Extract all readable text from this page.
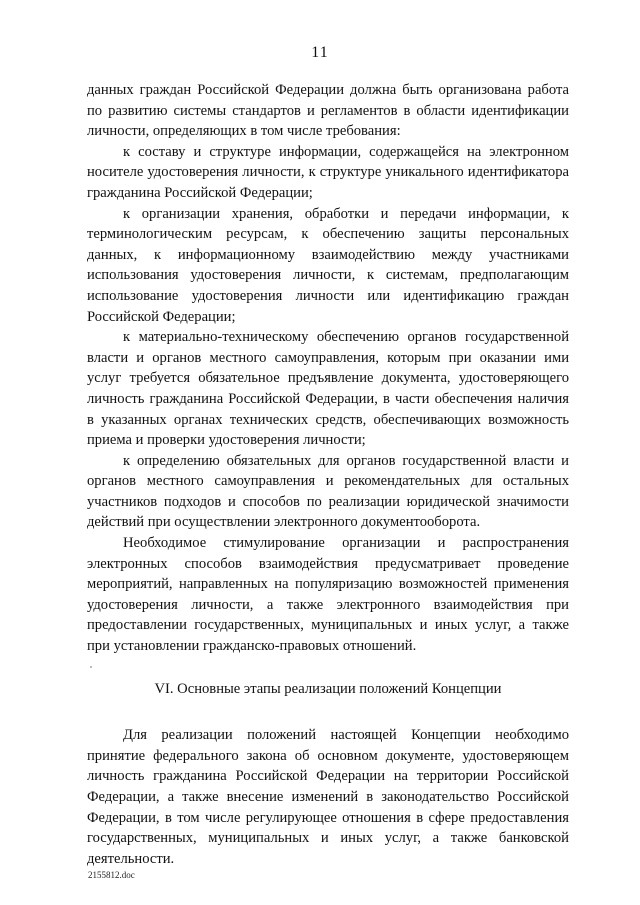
11

данных граждан Российской Федерации должна быть организована работа по развитию системы стандартов и регламентов в области идентификации личности, определяющих в том числе требования:

к составу и структуре информации, содержащейся на электронном носителе удостоверения личности, к структуре уникального идентификатора гражданина Российской Федерации;

к организации хранения, обработки и передачи информации, к терминологическим ресурсам, к обеспечению защиты персональных данных, к информационному взаимодействию между участниками использования удостоверения личности, к системам, предполагающим использование удостоверения личности или идентификацию граждан Российской Федерации;

к материально-техническому обеспечению органов государственной власти и органов местного самоуправления, которым при оказании ими услуг требуется обязательное предъявление документа, удостоверяющего личность гражданина Российской Федерации, в части обеспечения наличия в указанных органах технических средств, обеспечивающих возможность приема и проверки удостоверения личности;

к определению обязательных для органов государственной власти и органов местного самоуправления и рекомендательных для остальных участников подходов и способов по реализации юридической значимости действий при осуществлении электронного документооборота.

Необходимое стимулирование организации и распространения электронных способов взаимодействия предусматривает проведение мероприятий, направленных на популяризацию возможностей применения удостоверения личности, а также электронного взаимодействия при предоставлении государственных, муниципальных и иных услуг, а также при установлении гражданско-правовых отношений.

VI. Основные этапы реализации положений Концепции

Для реализации положений настоящей Концепции необходимо принятие федерального закона об основном документе, удостоверяющем личность гражданина Российской Федерации на территории Российской Федерации, а также внесение изменений в законодательство Российской Федерации, в том числе регулирующее отношения в сфере предоставления государственных, муниципальных и иных услуг, а также банковской деятельности.

2155812.doc
